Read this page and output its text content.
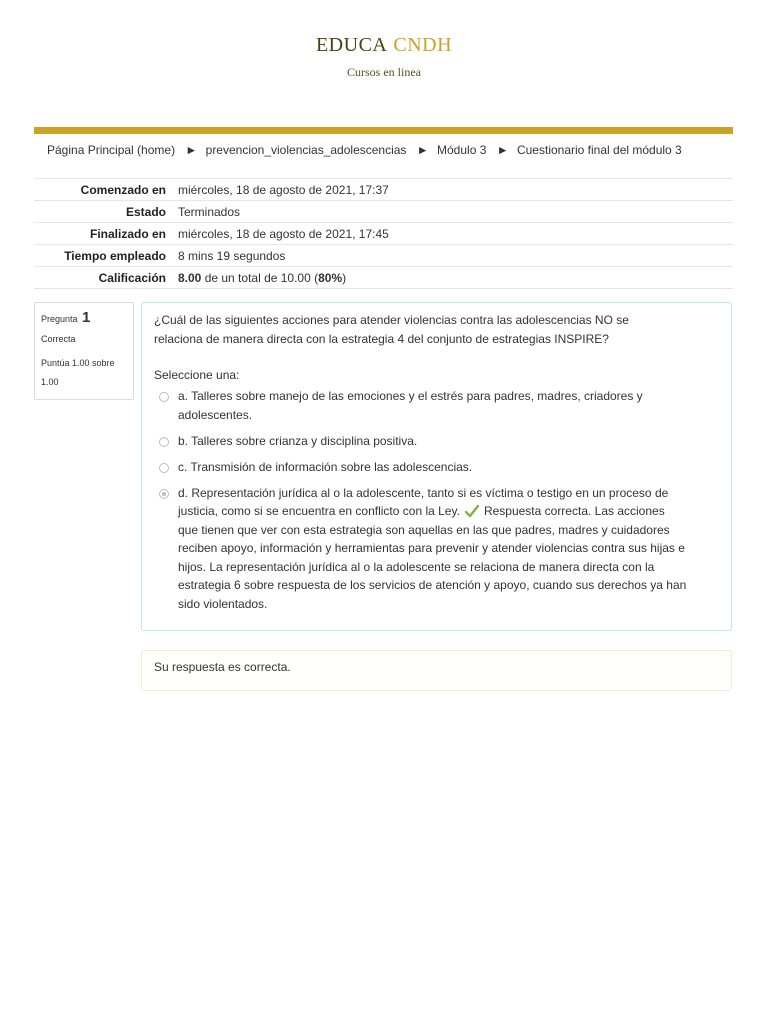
EDUCA CNDH
Cursos en linea
Página Principal (home) ► prevencion_violencias_adolescencias ► Módulo 3 ► Cuestionario final del módulo 3
Comenzado en	miércoles, 18 de agosto de 2021, 17:37
Estado	Terminados
Finalizado en	miércoles, 18 de agosto de 2021, 17:45
Tiempo empleado	8 mins 19 segundos
Calificación	8.00 de un total de 10.00 (80%)
Pregunta 1
Correcta
Puntúa 1.00 sobre 1.00
¿Cuál de las siguientes acciones para atender violencias contra las adolescencias NO se relaciona de manera directa con la estrategia 4 del conjunto de estrategias INSPIRE?
Seleccione una:
a. Talleres sobre manejo de las emociones y el estrés para padres, madres, criadores y adolescentes.
b. Talleres sobre crianza y disciplina positiva.
c. Transmisión de información sobre las adolescencias.
d. Representación jurídica al o la adolescente, tanto si es víctima o testigo en un proceso de justicia, como si se encuentra en conflicto con la Ley. Respuesta correcta. Las acciones que tienen que ver con esta estrategia son aquellas en las que padres, madres y cuidadores reciben apoyo, información y herramientas para prevenir y atender violencias contra sus hijas e hijos. La representación jurídica al o la adolescente se relaciona de manera directa con la estrategia 6 sobre respuesta de los servicios de atención y apoyo, cuando sus derechos ya han sido violentados.
Su respuesta es correcta.
